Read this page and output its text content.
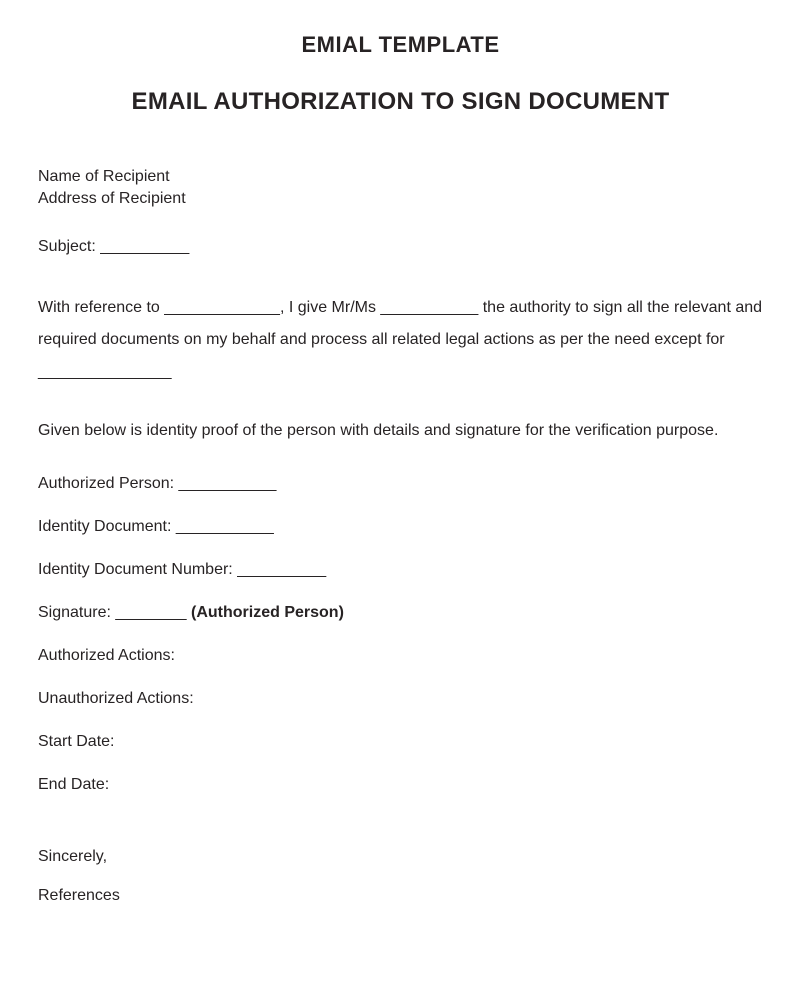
EMIAL TEMPLATE
EMAIL AUTHORIZATION TO SIGN DOCUMENT

Name of Recipient
Address of Recipient

Subject: __________

With reference to _____________, I give Mr/Ms ___________ the authority to sign all the relevant and required documents on my behalf and process all related legal actions as per the need except for _______________

Given below is identity proof of the person with details and signature for the verification purpose.

Authorized Person: ___________

Identity Document: ___________

Identity Document Number: __________

Signature: ________ (Authorized Person)

Authorized Actions:

Unauthorized Actions:

Start Date:

End Date:

Sincerely,
References
